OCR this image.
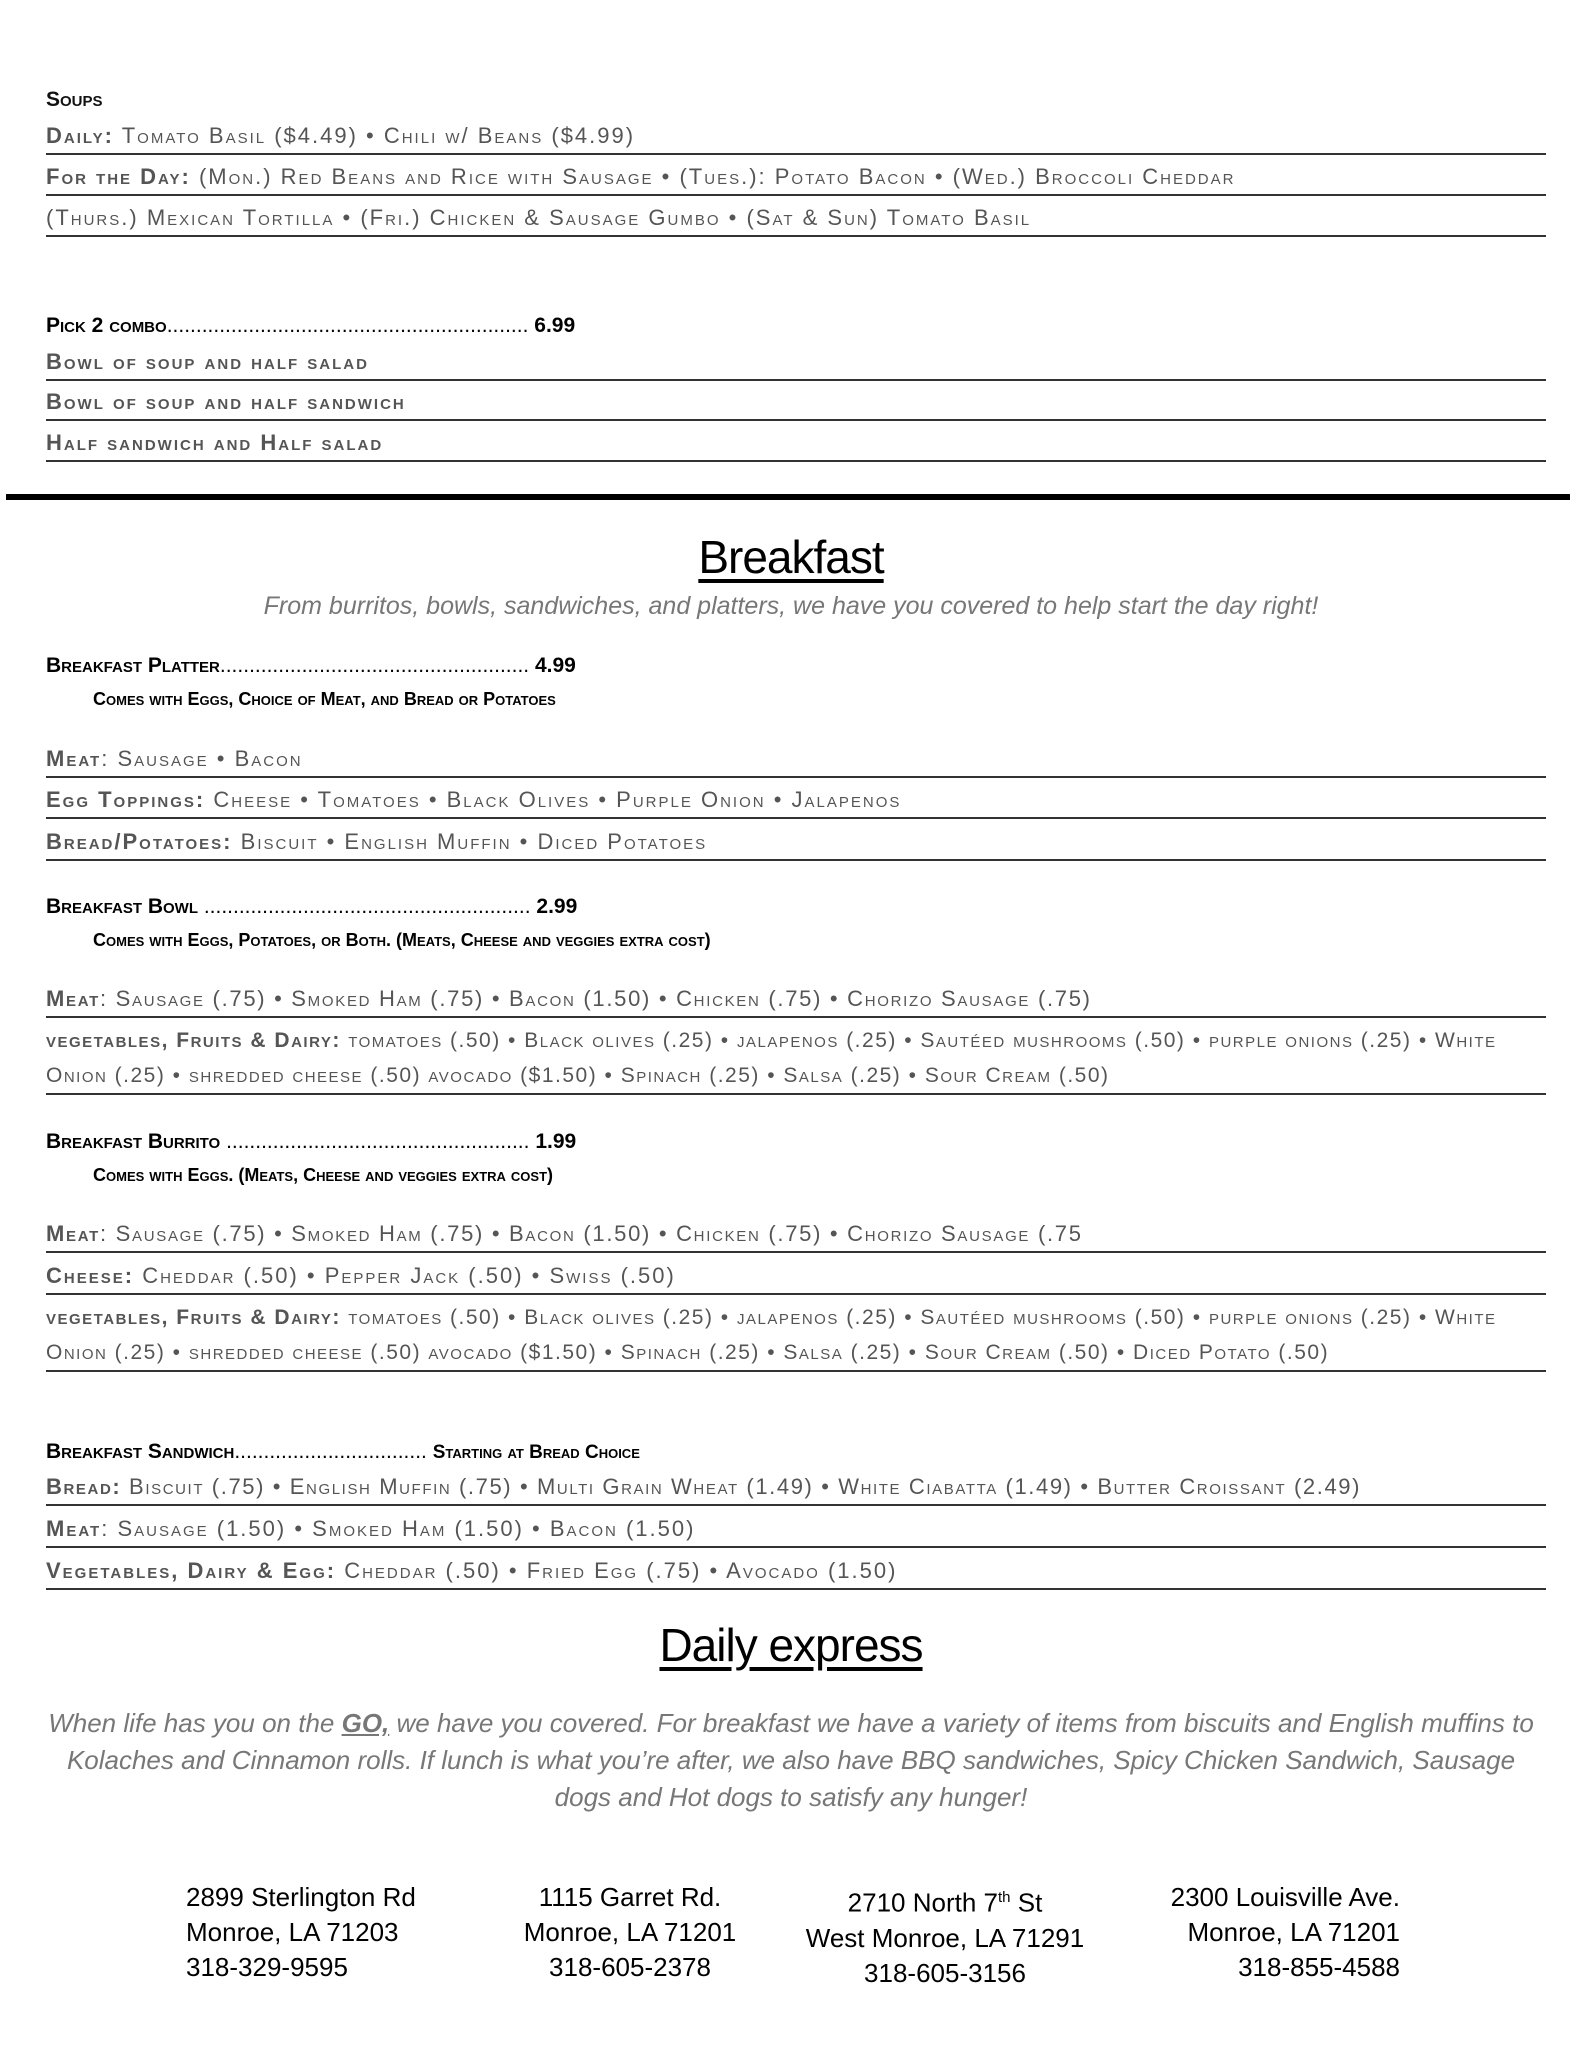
Soups
Daily: Tomato Basil ($4.49) • Chili w/ Beans ($4.99)
For the Day: (Mon.) Red Beans and Rice with Sausage • (Tues.): Potato Bacon • (Wed.) Broccoli Cheddar
(Thurs.) Mexican Tortilla • (Fri.) Chicken & Sausage Gumbo • (Sat & Sun) Tomato Basil
Pick 2 combo.............................................................. 6.99
Bowl of soup and half salad
Bowl of soup and half sandwich
Half sandwich and Half salad
Breakfast
From burritos, bowls, sandwiches, and platters, we have you covered to help start the day right!
Breakfast Platter..................................................... 4.99
Comes with Eggs, Choice of Meat, and Bread or Potatoes
Meat: Sausage • Bacon
Egg Toppings: Cheese • Tomatoes • Black Olives • Purple Onion • Jalapenos
Bread/Potatoes: Biscuit • English Muffin • Diced Potatoes
Breakfast Bowl ........................................................ 2.99
Comes with Eggs, Potatoes, or Both. (Meats, Cheese and veggies extra cost)
Meat: Sausage (.75) • Smoked Ham (.75) • Bacon (1.50) • Chicken (.75) • Chorizo Sausage (.75)
vegetables, Fruits & Dairy: tomatoes (.50) • Black olives (.25) • jalapenos (.25) • Sautéed mushrooms (.50) • purple onions (.25) • White Onion (.25) • shredded cheese (.50) avocado ($1.50) • Spinach (.25) • Salsa (.25) • Sour Cream (.50)
Breakfast Burrito .................................................... 1.99
Comes with Eggs. (Meats, Cheese and veggies extra cost)
Meat: Sausage (.75) • Smoked Ham (.75) • Bacon (1.50) • Chicken (.75) • Chorizo Sausage (.75
Cheese: Cheddar (.50) • Pepper Jack (.50) • Swiss (.50)
vegetables, Fruits & Dairy: tomatoes (.50) • Black olives (.25) • jalapenos (.25) • Sautéed mushrooms (.50) • purple onions (.25) • White Onion (.25) • shredded cheese (.50) avocado ($1.50) • Spinach (.25) • Salsa (.25) • Sour Cream (.50) • Diced Potato (.50)
Breakfast Sandwich................................. Starting at Bread Choice
Bread: Biscuit (.75) • English Muffin (.75) • Multi Grain Wheat (1.49) • White Ciabatta (1.49) • Butter Croissant (2.49)
Meat: Sausage (1.50) • Smoked Ham (1.50) • Bacon (1.50)
Vegetables, Dairy & Egg: Cheddar (.50) • Fried Egg (.75) • Avocado (1.50)
Daily express
When life has you on the GO, we have you covered. For breakfast we have a variety of items from biscuits and English muffins to Kolaches and Cinnamon rolls. If lunch is what you’re after, we also have BBQ sandwiches, Spicy Chicken Sandwich, Sausage dogs and Hot dogs to satisfy any hunger!
2899 Sterlington Rd
Monroe, LA 71203
318-329-9595
1115 Garret Rd.
Monroe, LA 71201
318-605-2378
2710 North 7th St
West Monroe, LA 71291
318-605-3156
2300 Louisville Ave.
Monroe, LA 71201
318-855-4588
